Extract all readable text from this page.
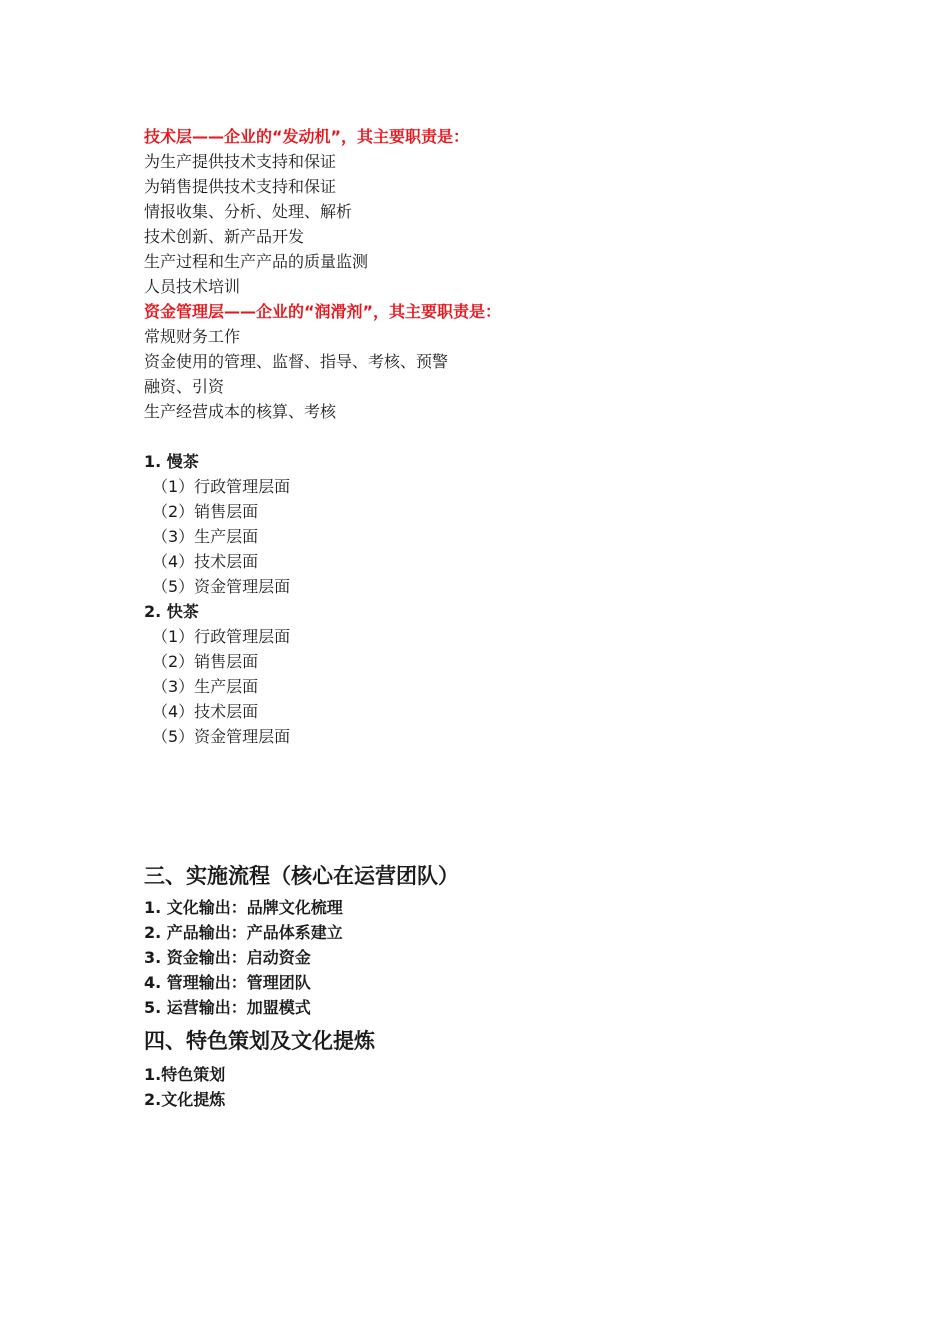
技术层——企业的“发动机”，其主要职责是：
为生产提供技术支持和保证
为销售提供技术支持和保证
情报收集、分析、处理、解析
技术创新、新产品开发
生产过程和生产产品的质量监测
人员技术培训
资金管理层——企业的“润滑剂”，其主要职责是：
常规财务工作
资金使用的管理、监督、指导、考核、预警
融资、引资
生产经营成本的核算、考核
1. 慢茶
（1）行政管理层面
（2）销售层面
（3）生产层面
（4）技术层面
（5）资金管理层面
2. 快茶
（1）行政管理层面
（2）销售层面
（3）生产层面
（4）技术层面
（5）资金管理层面
三、实施流程（核心在运营团队）
1. 文化输出：品牌文化梳理
2. 产品输出：产品体系建立
3. 资金输出：启动资金
4. 管理输出：管理团队
5. 运营输出：加盟模式
四、特色策划及文化提炼
1.特色策划
2.文化提炼
